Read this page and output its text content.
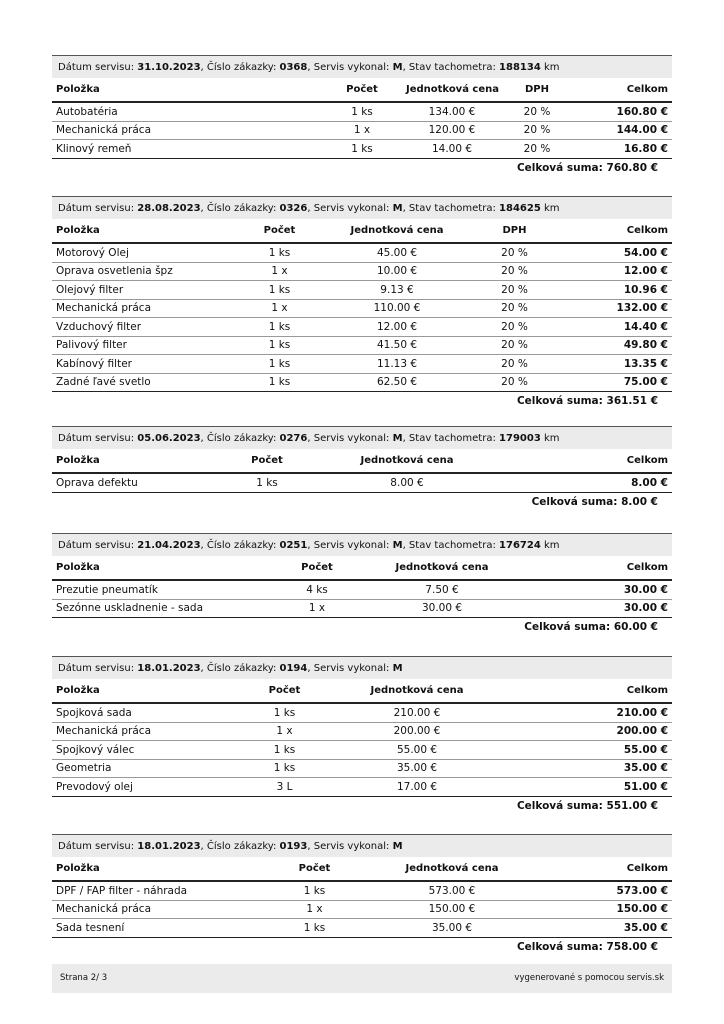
Dátum servisu: 31.10.2023, Číslo zákazky: 0368, Servis vykonal: M, Stav tachometra: 188134 km
Položka	Počet	Jednotková cena	DPH	Celkom
Autobatéria	1 ks	134.00 €	20 %	160.80 €
Mechanická práca	1 x	120.00 €	20 %	144.00 €
Klinový remeň	1 ks	14.00 €	20 %	16.80 €
Celková suma: 760.80 €
Dátum servisu: 28.08.2023, Číslo zákazky: 0326, Servis vykonal: M, Stav tachometra: 184625 km
Položka	Počet	Jednotková cena	DPH	Celkom
Motorový Olej	1 ks	45.00 €	20 %	54.00 €
Oprava osvetlenia špz	1 x	10.00 €	20 %	12.00 €
Olejový filter	1 ks	9.13 €	20 %	10.96 €
Mechanická práca	1 x	110.00 €	20 %	132.00 €
Vzduchový filter	1 ks	12.00 €	20 %	14.40 €
Palivový filter	1 ks	41.50 €	20 %	49.80 €
Kabínový filter	1 ks	11.13 €	20 %	13.35 €
Zadné ľavé svetlo	1 ks	62.50 €	20 %	75.00 €
Celková suma: 361.51 €
Dátum servisu: 05.06.2023, Číslo zákazky: 0276, Servis vykonal: M, Stav tachometra: 179003 km
Položka	Počet	Jednotková cena	Celkom
Oprava defektu	1 ks	8.00 €	8.00 €
Celková suma: 8.00 €
Dátum servisu: 21.04.2023, Číslo zákazky: 0251, Servis vykonal: M, Stav tachometra: 176724 km
Položka	Počet	Jednotková cena	Celkom
Prezutie pneumatík	4 ks	7.50 €	30.00 €
Sezónne uskladnenie - sada	1 x	30.00 €	30.00 €
Celková suma: 60.00 €
Dátum servisu: 18.01.2023, Číslo zákazky: 0194, Servis vykonal: M
Položka	Počet	Jednotková cena	Celkom
Spojková sada	1 ks	210.00 €	210.00 €
Mechanická práca	1 x	200.00 €	200.00 €
Spojkový válec	1 ks	55.00 €	55.00 €
Geometria	1 ks	35.00 €	35.00 €
Prevodový olej	3 L	17.00 €	51.00 €
Celková suma: 551.00 €
Dátum servisu: 18.01.2023, Číslo zákazky: 0193, Servis vykonal: M
Položka	Počet	Jednotková cena	Celkom
DPF / FAP filter - náhrada	1 ks	573.00 €	573.00 €
Mechanická práca	1 x	150.00 €	150.00 €
Sada tesnení	1 ks	35.00 €	35.00 €
Celková suma: 758.00 €
Strana 2/ 3	vygenerované s pomocou servis.sk
